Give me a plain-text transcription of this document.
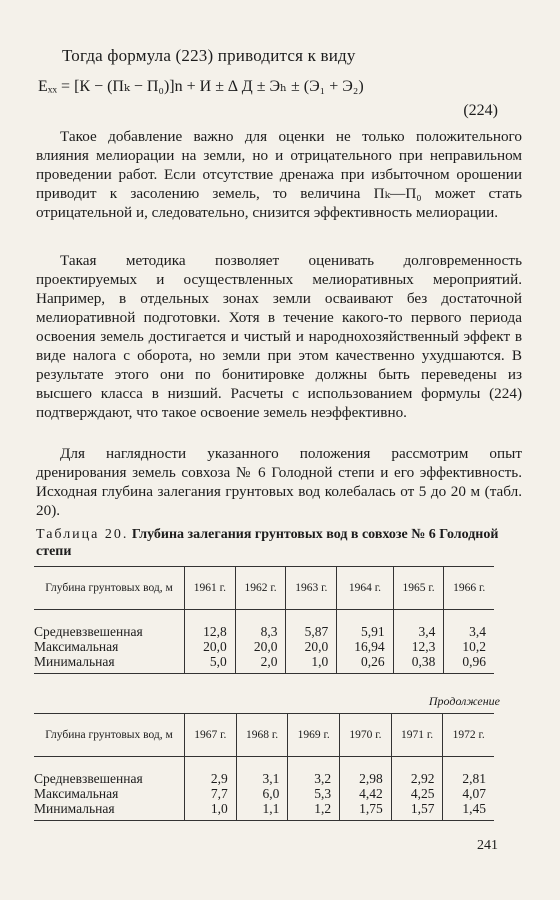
Тогда формула (223) приводится к виду
Еₓₓ = [К − (Пₖ − П₀)]n + И ± ∆ Д ± Эₕ ± (Э₁ + Э₂)
(224)

Такое добавление важно для оценки не только положительного влияния мелиорации на земли, но и отрицательного при неправильном проведении работ. Если отсутствие дренажа при избыточном орошении приводит к засолению земель, то величина Пₖ—П₀ может стать отрицательной и, следовательно, снизится эффективность мелиорации.

Такая методика позволяет оценивать долговременность проектируемых и осуществленных мелиоративных мероприятий. Например, в отдельных зонах земли осваивают без достаточной мелиоративной подготовки. Хотя в течение какого-то первого периода освоения земель достигается и чистый и народнохозяйственный эффект в виде налога с оборота, но земли при этом качественно ухудшаются. В результате этого они по бонитировке должны быть переведены из высшего класса в низший. Расчеты с использованием формулы (224) подтверждают, что такое освоение земель неэффективно.

Для наглядности указанного положения рассмотрим опыт дренирования земель совхоза № 6 Голодной степи и его эффективность. Исходная глубина залегания грунтовых вод колебалась от 5 до 20 м (табл. 20).

Таблица 20. Глубина залегания грунтовых вод в совхозе № 6 Голодной степи
Глубина грунтовых вод, м	1961 г.	1962 г.	1963 г.	1964 г.	1965 г.	1966 г.

Средневзвешенная	12,8	8,3	5,87	5,91	3,4	3,4
Максимальная	20,0	20,0	20,0	16,94	12,3	10,2
Минимальная	5,0	2,0	1,0	0,26	0,38	0,96
Продолжение
Глубина грунтовых вод, м	1967 г.	1968 г.	1969 г.	1970 г.	1971 г.	1972 г.

Средневзвешенная	2,9	3,1	3,2	2,98	2,92	2,81
Максимальная	7,7	6,0	5,3	4,42	4,25	4,07
Минимальная	1,0	1,1	1,2	1,75	1,57	1,45
241
